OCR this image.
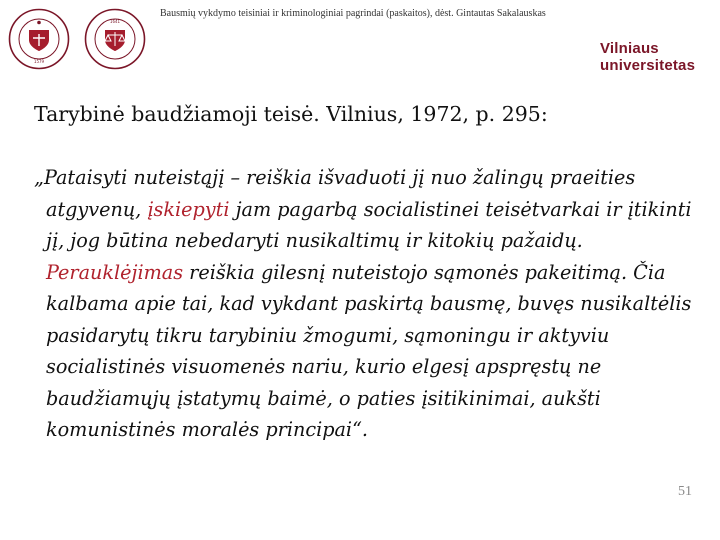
Bausmių vykdymo teisiniai ir kriminologiniai pagrindai (paskaitos), dėst. Gintautas Sakalauskas
1579
1641
Vilniaus
universitetas
Tarybinė baudžiamoji teisė. Vilnius, 1972, p. 295:

„Pataisyti nuteistąjį – reiškia išvaduoti jį nuo žalingų praeities atgyvenų, įskiepyti jam pagarbą socialistinei teisėtvarkai ir įtikinti jį, jog būtina nebedaryti nusikaltimų ir kitokių pažaidų. Perauklėjimas reiškia gilesnį nuteistojo sąmonės pakeitimą. Čia kalbama apie tai, kad vykdant paskirtą bausmę, buvęs nusikaltėlis pasidarytų tikru tarybiniu žmogumi, sąmoningu ir aktyviu socialistinės visuomenės nariu, kurio elgesį apspręstų ne baudžiamųjų įstatymų baimė, o paties įsitikinimai, aukšti komunistinės moralės principai“.

51
